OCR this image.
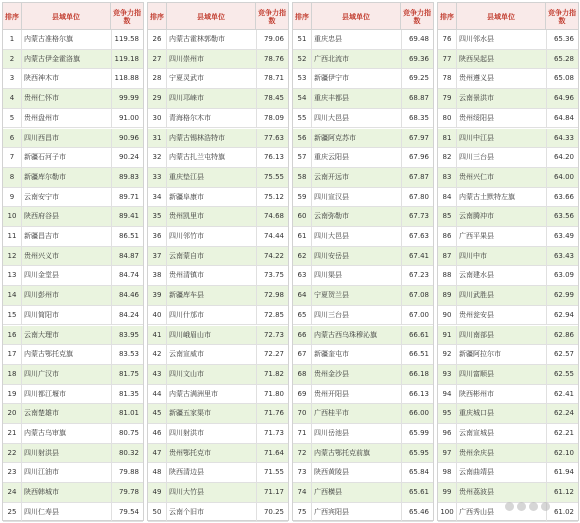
排序	县域单位	竞争力指数
1	内蒙古准格尔旗	119.58
2	内蒙古伊金霍洛旗	119.18
3	陕西神木市	118.88
4	贵州仁怀市	99.99
5	贵州盘州市	91.00
6	四川西昌市	90.96
7	新疆石河子市	90.24
8	新疆库尔勒市	89.83
9	云南安宁市	89.71
10	陕西府谷县	89.41
11	新疆昌吉市	86.51
12	贵州兴义市	84.87
13	四川金堂县	84.74
14	四川彭州市	84.46
15	四川简阳市	84.24
16	云南大理市	83.95
17	内蒙古鄂托克旗	83.53
18	四川广汉市	81.75
19	四川都江堰市	81.35
20	云南楚雄市	81.01
21	内蒙古乌审旗	80.75
22	四川射洪县	80.32
23	四川江油市	79.88
24	陕西韩城市	79.78
25	四川仁寿县	79.54
排序	县域单位	竞争力指数
26	内蒙古霍林郭勒市	79.06
27	四川崇州市	78.76
28	宁夏灵武市	78.71
29	四川邛崃市	78.45
30	青海格尔木市	78.09
31	内蒙古锡林浩特市	77.63
32	内蒙古扎兰屯特旗	76.13
33	重庆垫江县	75.55
34	新疆阜康市	75.12
35	贵州凯里市	74.68
36	四川邻竹市	74.44
37	云南蒙自市	74.22
38	贵州清镇市	73.75
39	新疆库车县	72.98
40	四川什邡市	72.85
41	四川峨眉山市	72.73
42	云南宣威市	72.27
43	四川文山市	71.82
44	内蒙古满洲里市	71.80
45	新疆五家渠市	71.76
46	四川射洪市	71.73
47	贵州鄂托克市	71.64
48	陕西清边县	71.55
49	四川大竹县	71.17
50	云南个旧市	70.25
排序	县域单位	竞争力指数
51	重庆忠县	69.48
52	广西北流市	69.36
53	新疆伊宁市	69.25
54	重庆丰都县	68.87
55	四川大邑县	68.35
56	新疆阿克苏市	67.97
57	重庆云阳县	67.96
58	云南开远市	67.87
59	四川宣汉县	67.80
60	云南弥勒市	67.73
61	四川大邑县	67.63
62	四川安岳县	67.41
63	四川渠县	67.23
64	宁夏贺兰县	67.08
65	四川三台县	67.00
66	内蒙古西乌珠穆沁旗	66.61
67	新疆奎屯市	66.51
68	贵州金沙县	66.18
69	贵州开阳县	66.13
70	广西桂平市	66.00
71	四川岳池县	65.99
72	内蒙古鄂托克前旗	65.95
73	陕西黄陵县	65.84
74	广西横县	65.61
75	广西宾阳县	65.46
排序	县域单位	竞争力指数
76	四川邻水县	65.36
77	陕西吴起县	65.28
78	贵州遵义县	65.08
79	云南景洪市	64.96
80	贵州绥阳县	64.84
81	四川中江县	64.33
82	四川三台县	64.20
83	贵州兴仁市	64.00
84	内蒙古土默特左旗	63.66
85	云南腾冲市	63.56
86	广西平果县	63.49
87	四川中市	63.43
88	云南建水县	63.09
89	四川武胜县	62.99
90	贵州瓮安县	62.94
91	四川南部县	62.86
92	新疆阿拉尔市	62.57
93	四川富顺县	62.55
94	陕西彬州市	62.41
95	重庆城口县	62.24
96	云南宣城县	62.21
97	贵州余庆县	62.10
98	云南曲靖县	61.94
99	贵州荔波县	61.12
100 广西秀山县	61.02
